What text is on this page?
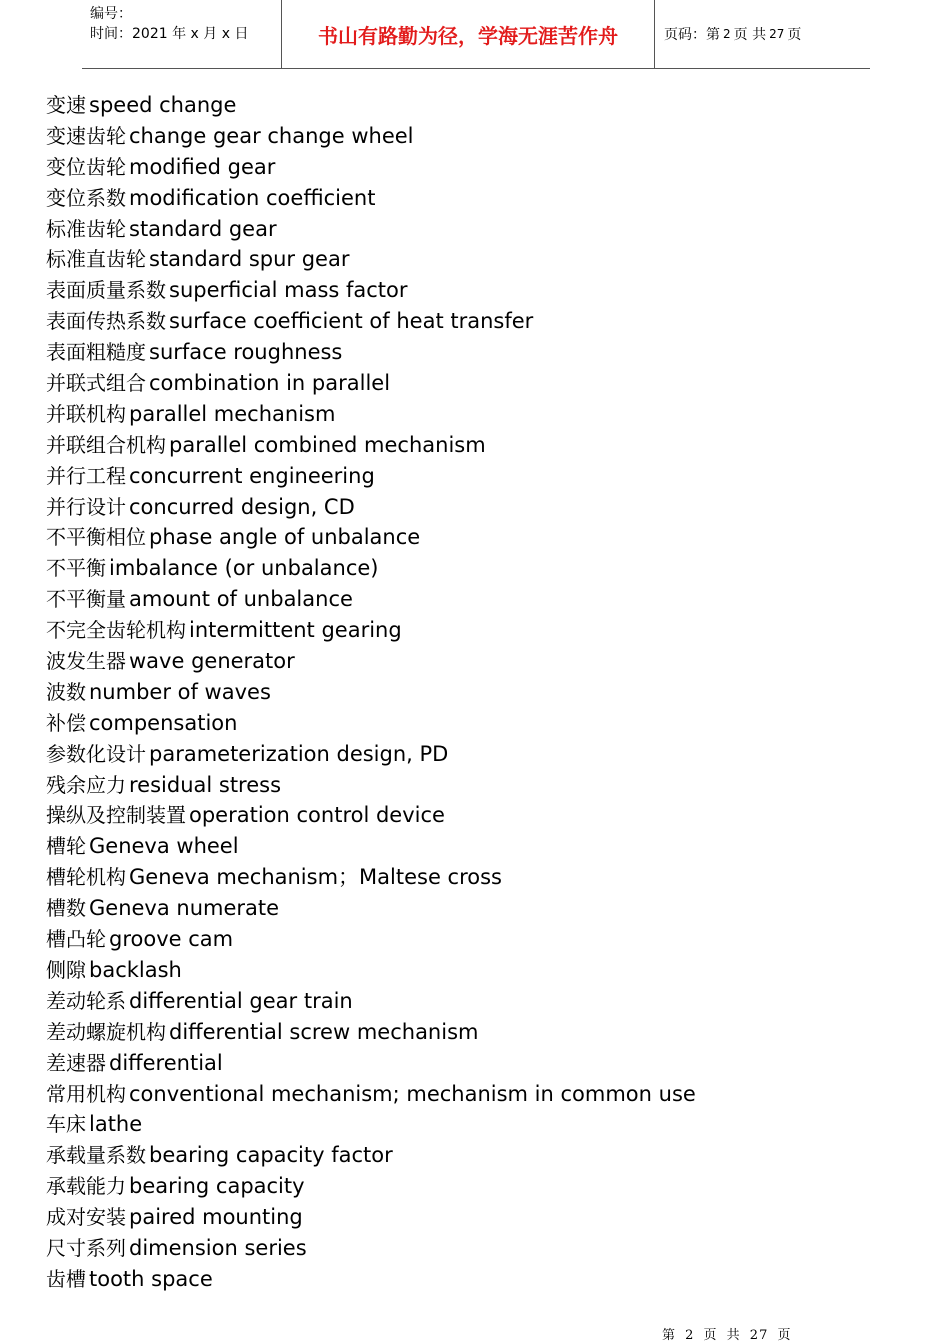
编号：
时间：2021 年 x 月 x 日	书山有路勤为径，学海无涯苦作舟	页码：第 2 页 共 27 页
变速 speed change
变速齿轮 change gear change wheel
变位齿轮 modified gear
变位系数 modification coefficient
标准齿轮 standard gear
标准直齿轮 standard spur gear
表面质量系数 superficial mass factor
表面传热系数 surface coefficient of heat transfer
表面粗糙度 surface roughness
并联式组合 combination in parallel
并联机构 parallel mechanism
并联组合机构 parallel combined mechanism
并行工程 concurrent engineering
并行设计 concurred design, CD
不平衡相位 phase angle of unbalance
不平衡 imbalance (or unbalance)
不平衡量 amount of unbalance
不完全齿轮机构 intermittent gearing
波发生器 wave generator
波数 number of waves
补偿 compensation
参数化设计 parameterization design, PD
残余应力 residual stress
操纵及控制装置 operation control device
槽轮 Geneva wheel
槽轮机构 Geneva mechanism；Maltese cross
槽数 Geneva numerate
槽凸轮 groove cam
侧隙 backlash
差动轮系 differential gear train
差动螺旋机构 differential screw mechanism
差速器 differential
常用机构 conventional mechanism; mechanism in common use
车床 lathe
承载量系数 bearing capacity factor
承载能力 bearing capacity
成对安装 paired mounting
尺寸系列 dimension series
齿槽 tooth space
第 2 页 共 27 页
